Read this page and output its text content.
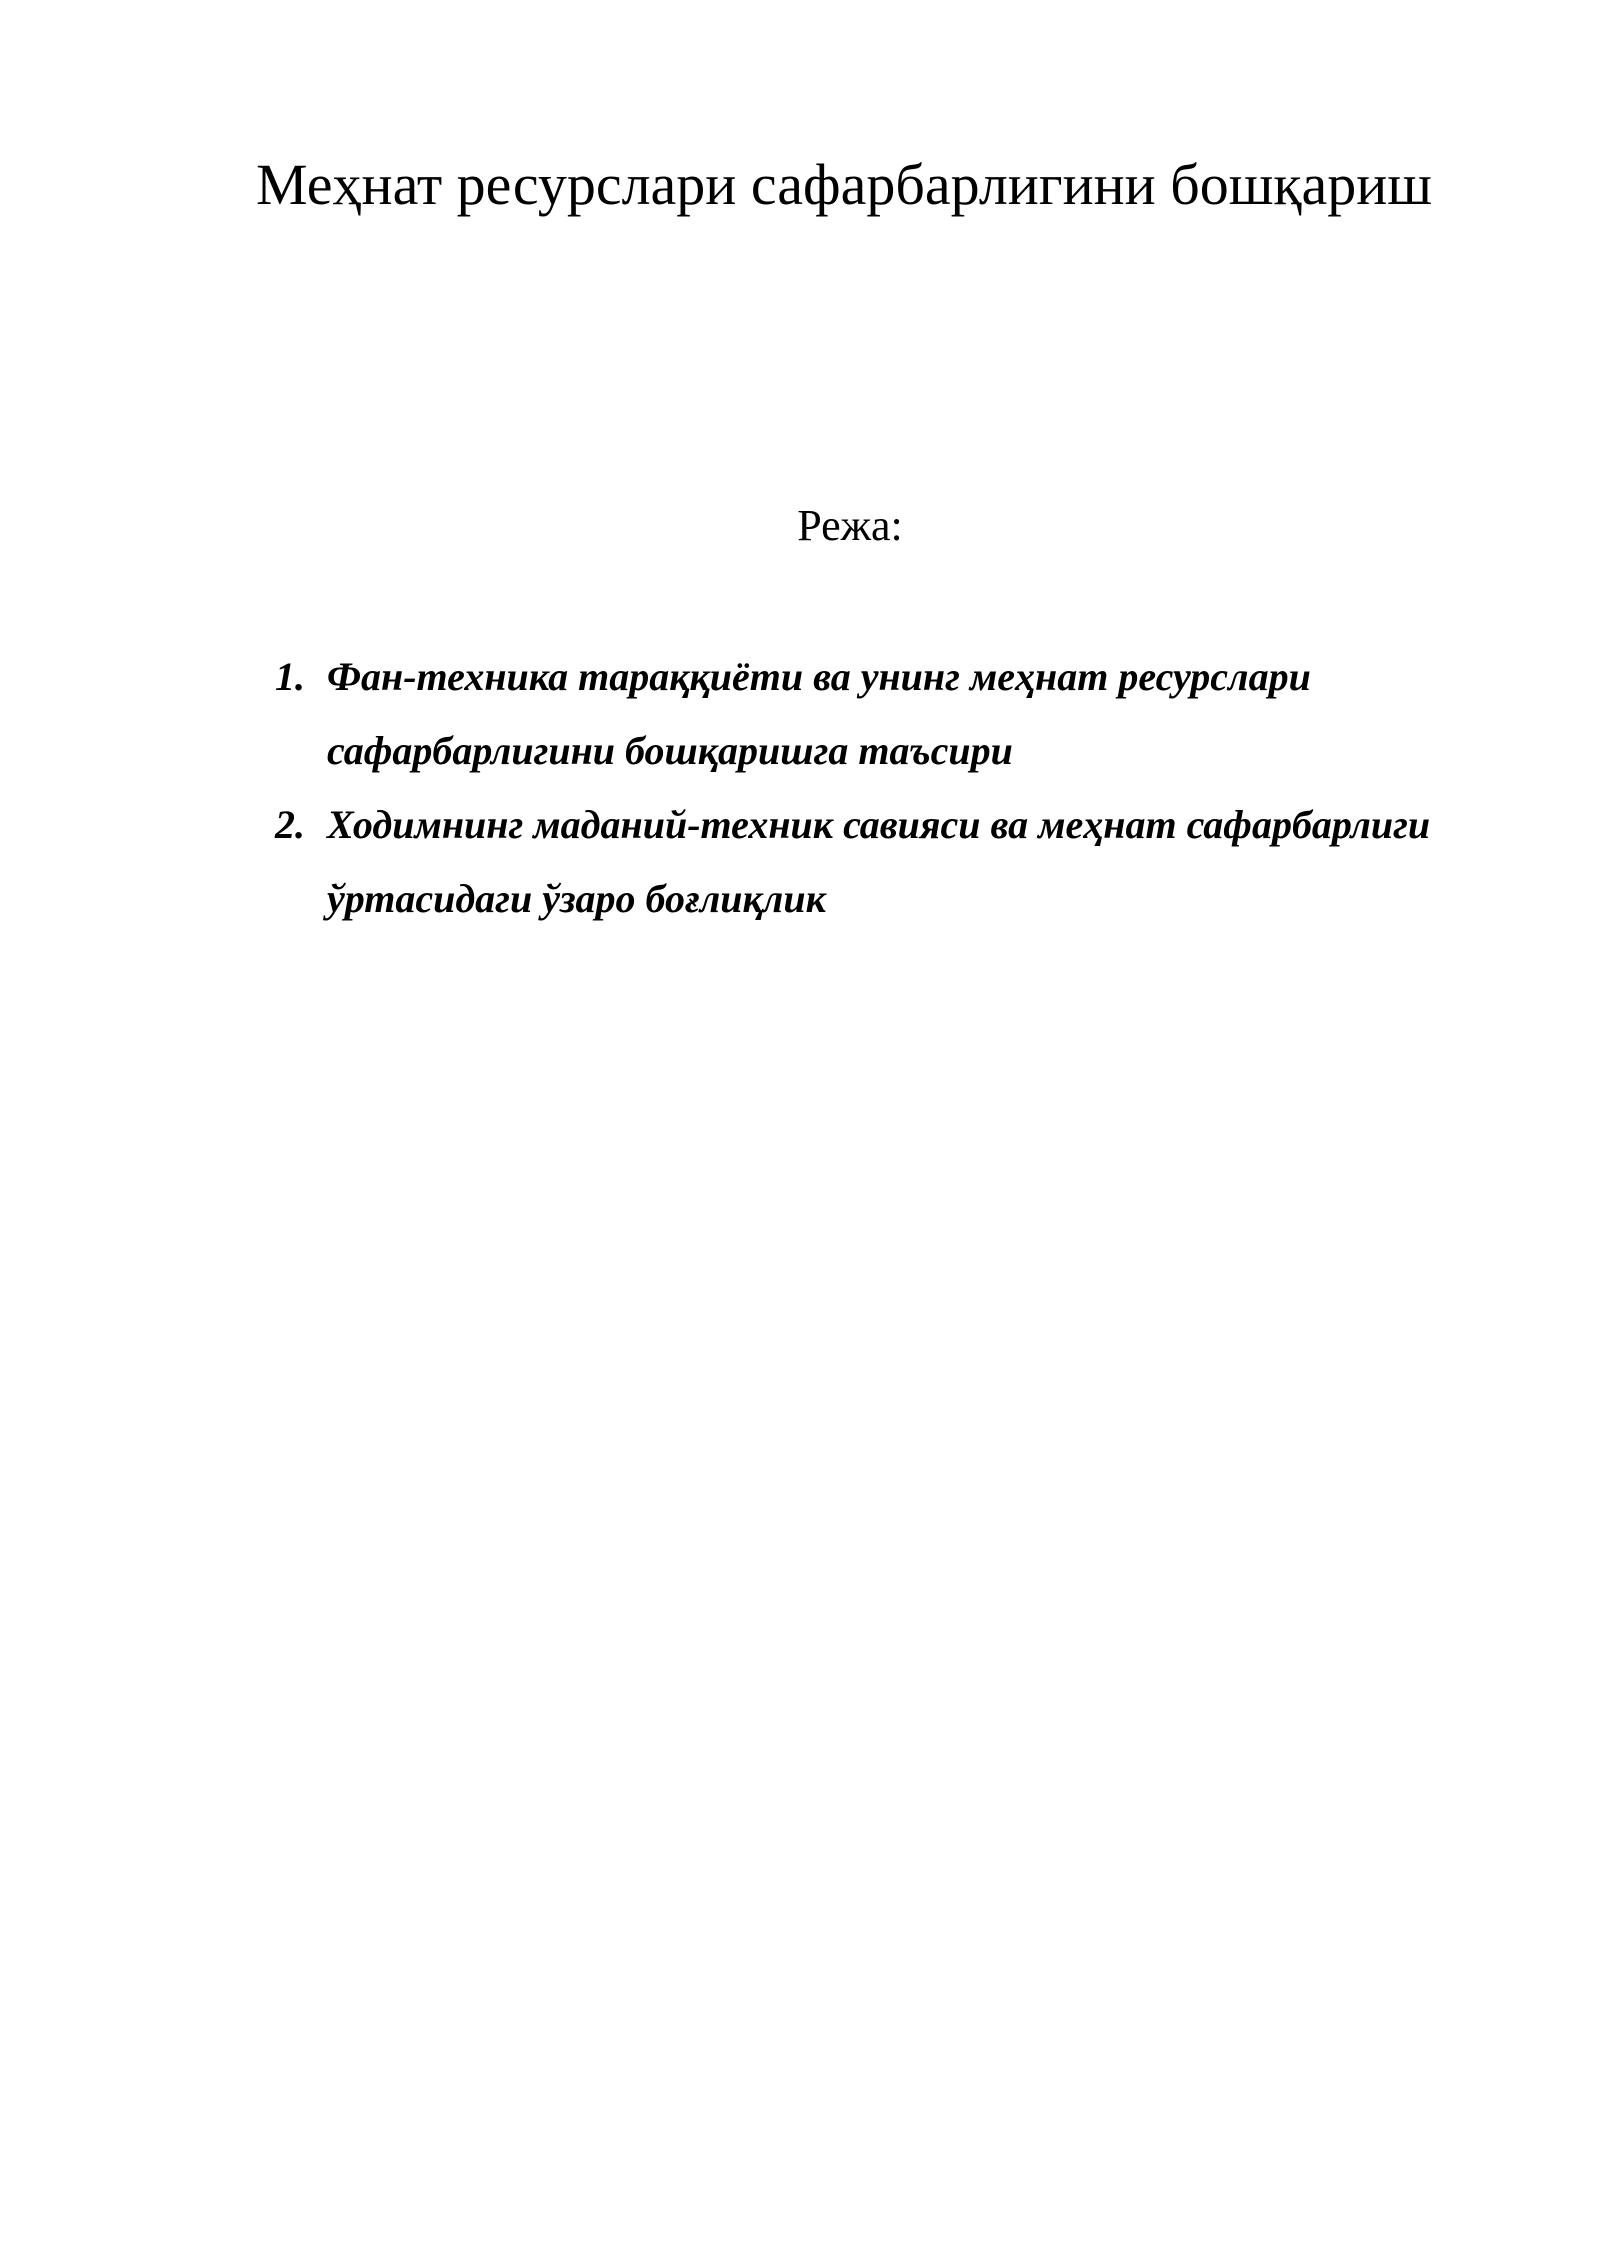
Меҳнат ресурслари сафарбарлигини бошқариш
Режа:
1. Фан-техника тараққиёти ва унинг меҳнат ресурслари сафарбарлигини бошқаришга таъсири
2. Ходимнинг маданий-техник савияси ва меҳнат сафарбарлиги ўртасидаги ўзаро боғлиқлик
